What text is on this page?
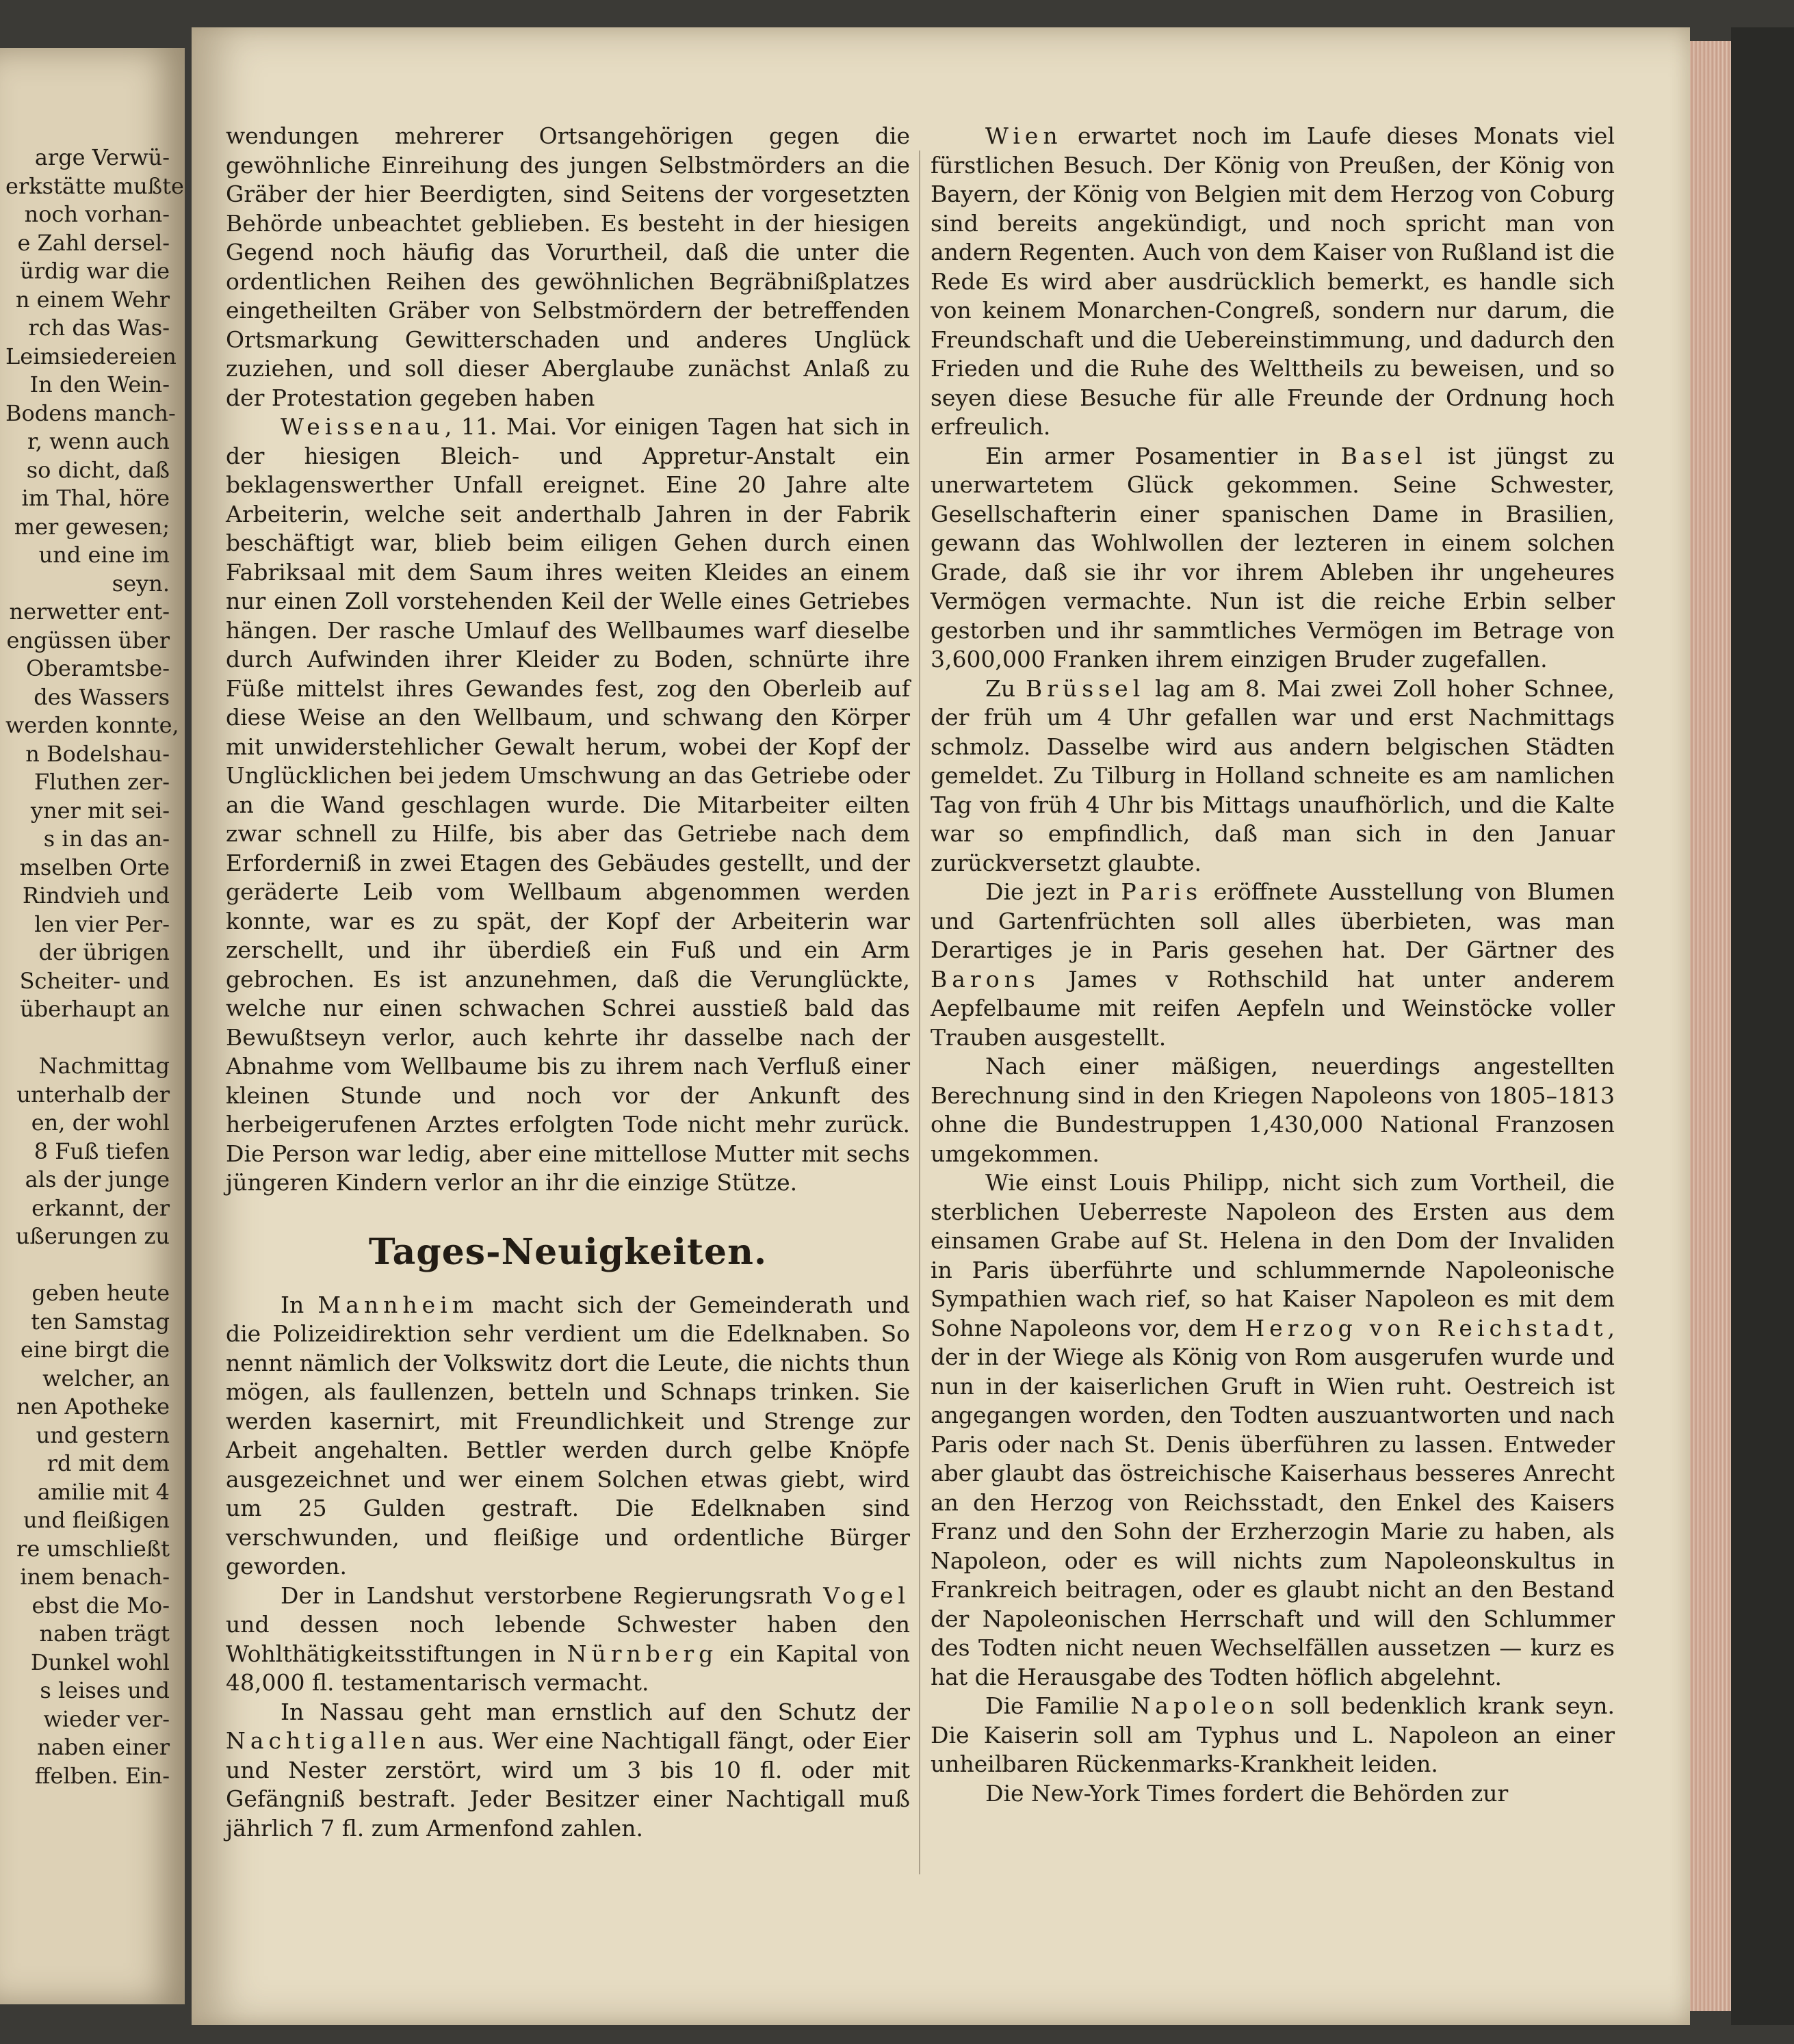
arge Verwü-
erkstätte mußte
noch vorhan-
e Zahl dersel-
ürdig war die
n einem Wehr
rch das Was-
Leimsiedereien
In den Wein-
Bodens manch-
r, wenn auch
so dicht, daß
im Thal, höre
mer gewesen;
und eine im
seyn.
nerwetter ent-
engüssen über
Oberamtsbe-
des Wassers
werden konnte,
n Bodelshau-
Fluthen zer-
yner mit sei-
s in das an-
mselben Orte
Rindvieh und
len vier Per-
der übrigen
Scheiter- und
überhaupt an
Nachmittag
unterhalb der
en, der wohl
8 Fuß tiefen
als der junge
erkannt, der
ußerungen zu
geben heute
ten Samstag
eine birgt die
welcher, an
nen Apotheke
und gestern
rd mit dem
amilie mit 4
und fleißigen
re umschließt
inem benach-
ebst die Mo-
naben trägt
Dunkel wohl
s leises und
wieder ver-
naben einer
ffelben. Ein-

wendungen mehrerer Ortsangehörigen gegen die gewöhnliche Einreihung des jungen Selbstmörders an die Gräber der hier Beerdigten, sind Seitens der vorgesetzten Behörde unbeachtet geblieben. Es besteht in der hiesigen Gegend noch häufig das Vorurtheil, daß die unter die ordentlichen Reihen des gewöhnlichen Begräbnißplatzes eingetheilten Gräber von Selbstmördern der betreffenden Ortsmarkung Gewitterschaden und anderes Unglück zuziehen, und soll dieser Aberglaube zunächst Anlaß zu der Protestation gegeben haben

Weissenau, 11. Mai. Vor einigen Tagen hat sich in der hiesigen Bleich- und Appretur-Anstalt ein beklagenswerther Unfall ereignet. Eine 20 Jahre alte Arbeiterin, welche seit anderthalb Jahren in der Fabrik beschäftigt war, blieb beim eiligen Gehen durch einen Fabriksaal mit dem Saum ihres weiten Kleides an einem nur einen Zoll vorstehenden Keil der Welle eines Getriebes hängen. Der rasche Umlauf des Wellbaumes warf dieselbe durch Aufwinden ihrer Kleider zu Boden, schnürte ihre Füße mittelst ihres Gewandes fest, zog den Oberleib auf diese Weise an den Wellbaum, und schwang den Körper mit unwiderstehlicher Gewalt herum, wobei der Kopf der Unglücklichen bei jedem Umschwung an das Getriebe oder an die Wand geschlagen wurde. Die Mitarbeiter eilten zwar schnell zu Hilfe, bis aber das Getriebe nach dem Erforderniß in zwei Etagen des Gebäudes gestellt, und der geräderte Leib vom Wellbaum abgenommen werden konnte, war es zu spät, der Kopf der Arbeiterin war zerschellt, und ihr überdieß ein Fuß und ein Arm gebrochen. Es ist anzunehmen, daß die Verunglückte, welche nur einen schwachen Schrei ausstieß bald das Bewußtseyn verlor, auch kehrte ihr dasselbe nach der Abnahme vom Wellbaume bis zu ihrem nach Verfluß einer kleinen Stunde und noch vor der Ankunft des herbeigerufenen Arztes erfolgten Tode nicht mehr zurück. Die Person war ledig, aber eine mittellose Mutter mit sechs jüngeren Kindern verlor an ihr die einzige Stütze.

Tages-Neuigkeiten.

In Mannheim macht sich der Gemeinderath und die Polizeidirektion sehr verdient um die Edelknaben. So nennt nämlich der Volkswitz dort die Leute, die nichts thun mögen, als faullenzen, betteln und Schnaps trinken. Sie werden kasernirt, mit Freundlichkeit und Strenge zur Arbeit angehalten. Bettler werden durch gelbe Knöpfe ausgezeichnet und wer einem Solchen etwas giebt, wird um 25 Gulden gestraft. Die Edelknaben sind verschwunden, und fleißige und ordentliche Bürger geworden.

Der in Landshut verstorbene Regierungsrath Vogel und dessen noch lebende Schwester haben den Wohlthätigkeitsstiftungen in Nürnberg ein Kapital von 48,000 fl. testamentarisch vermacht.

In Nassau geht man ernstlich auf den Schutz der Nachtigallen aus. Wer eine Nachtigall fängt, oder Eier und Nester zerstört, wird um 3 bis 10 fl. oder mit Gefängniß bestraft. Jeder Besitzer einer Nachtigall muß jährlich 7 fl. zum Armenfond zahlen.

Wien erwartet noch im Laufe dieses Monats viel fürstlichen Besuch. Der König von Preußen, der König von Bayern, der König von Belgien mit dem Herzog von Coburg sind bereits angekündigt, und noch spricht man von andern Regenten. Auch von dem Kaiser von Rußland ist die Rede Es wird aber ausdrücklich bemerkt, es handle sich von keinem Monarchen-Congreß, sondern nur darum, die Freundschaft und die Uebereinstimmung, und dadurch den Frieden und die Ruhe des Welttheils zu beweisen, und so seyen diese Besuche für alle Freunde der Ordnung hoch erfreulich.

Ein armer Posamentier in Basel ist jüngst zu unerwartetem Glück gekommen. Seine Schwester, Gesellschafterin einer spanischen Dame in Brasilien, gewann das Wohlwollen der lezteren in einem solchen Grade, daß sie ihr vor ihrem Ableben ihr ungeheures Vermögen vermachte. Nun ist die reiche Erbin selber gestorben und ihr sammtliches Vermögen im Betrage von 3,600,000 Franken ihrem einzigen Bruder zugefallen.

Zu Brüssel lag am 8. Mai zwei Zoll hoher Schnee, der früh um 4 Uhr gefallen war und erst Nachmittags schmolz. Dasselbe wird aus andern belgischen Städten gemeldet. Zu Tilburg in Holland schneite es am namlichen Tag von früh 4 Uhr bis Mittags unaufhörlich, und die Kalte war so empfindlich, daß man sich in den Januar zurückversetzt glaubte.

Die jezt in Paris eröffnete Ausstellung von Blumen und Gartenfrüchten soll alles überbieten, was man Derartiges je in Paris gesehen hat. Der Gärtner des Barons James v Rothschild hat unter anderem Aepfelbaume mit reifen Aepfeln und Weinstöcke voller Trauben ausgestellt.

Nach einer mäßigen, neuerdings angestellten Berechnung sind in den Kriegen Napoleons von 1805–1813 ohne die Bundestruppen 1,430,000 National Franzosen umgekommen.

Wie einst Louis Philipp, nicht sich zum Vortheil, die sterblichen Ueberreste Napoleon des Ersten aus dem einsamen Grabe auf St. Helena in den Dom der Invaliden in Paris überführte und schlummernde Napoleonische Sympathien wach rief, so hat Kaiser Napoleon es mit dem Sohne Napoleons vor, dem Herzog von Reichstadt, der in der Wiege als König von Rom ausgerufen wurde und nun in der kaiserlichen Gruft in Wien ruht. Oestreich ist angegangen worden, den Todten auszuantworten und nach Paris oder nach St. Denis überführen zu lassen. Entweder aber glaubt das östreichische Kaiserhaus besseres Anrecht an den Herzog von Reichsstadt, den Enkel des Kaisers Franz und den Sohn der Erzherzogin Marie zu haben, als Napoleon, oder es will nichts zum Napoleonskultus in Frankreich beitragen, oder es glaubt nicht an den Bestand der Napoleonischen Herrschaft und will den Schlummer des Todten nicht neuen Wechselfällen aussetzen — kurz es hat die Herausgabe des Todten höflich abgelehnt.

Die Familie Napoleon soll bedenklich krank seyn. Die Kaiserin soll am Typhus und L. Napoleon an einer unheilbaren Rückenmarks-Krankheit leiden.

Die New-York Times fordert die Behörden zur
